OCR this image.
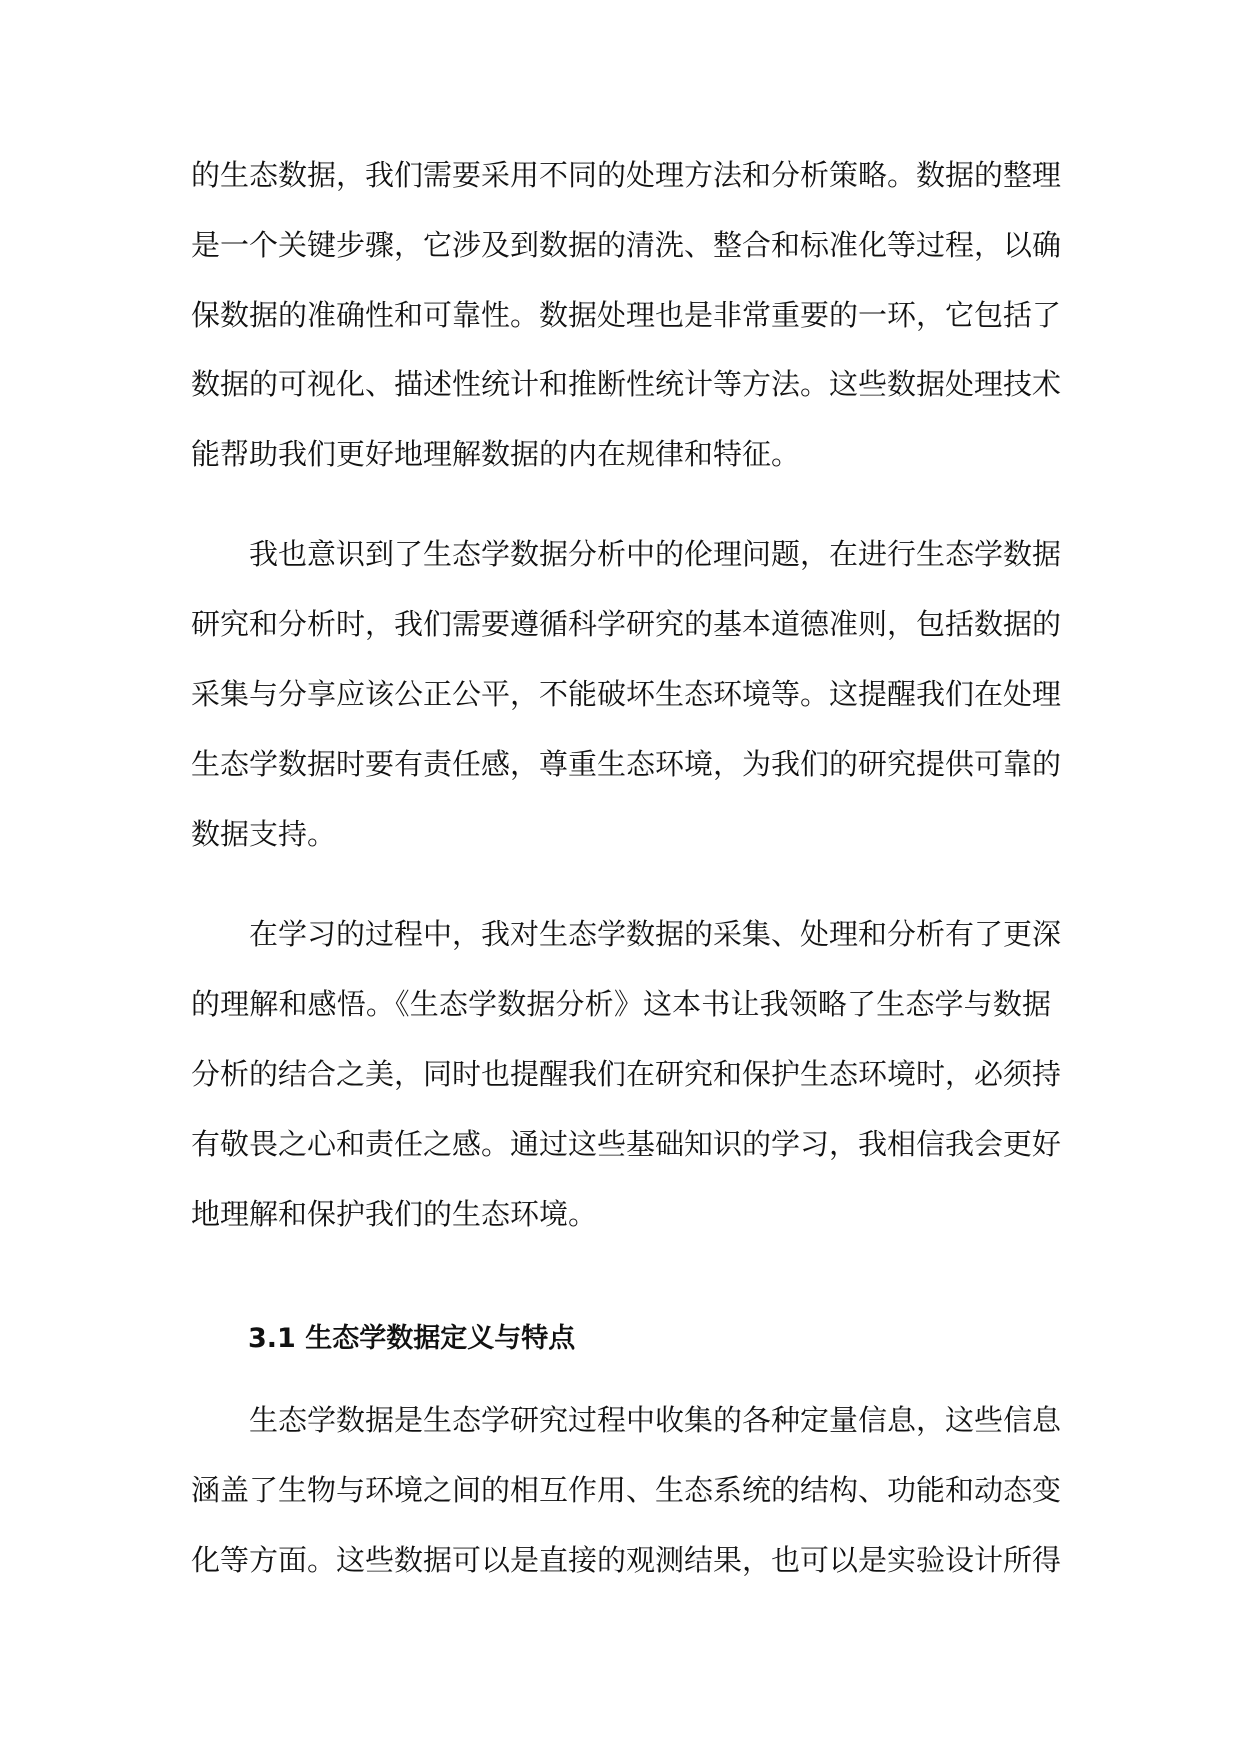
的生态数据，我们需要采用不同的处理方法和分析策略。数据的整理
是一个关键步骤，它涉及到数据的清洗、整合和标准化等过程，以确
保数据的准确性和可靠性。数据处理也是非常重要的一环，它包括了
数据的可视化、描述性统计和推断性统计等方法。这些数据处理技术
能帮助我们更好地理解数据的内在规律和特征。
我也意识到了生态学数据分析中的伦理问题，在进行生态学数据
研究和分析时，我们需要遵循科学研究的基本道德准则，包括数据的
采集与分享应该公正公平，不能破坏生态环境等。这提醒我们在处理
生态学数据时要有责任感，尊重生态环境，为我们的研究提供可靠的
数据支持。
在学习的过程中，我对生态学数据的采集、处理和分析有了更深
的理解和感悟。《生态学数据分析》这本书让我领略了生态学与数据
分析的结合之美，同时也提醒我们在研究和保护生态环境时，必须持
有敬畏之心和责任之感。通过这些基础知识的学习，我相信我会更好
地理解和保护我们的生态环境。
生态学数据是生态学研究过程中收集的各种定量信息，这些信息
涵盖了生物与环境之间的相互作用、生态系统的结构、功能和动态变
化等方面。这些数据可以是直接的观测结果，也可以是实验设计所得
3.1 生态学数据定义与特点
